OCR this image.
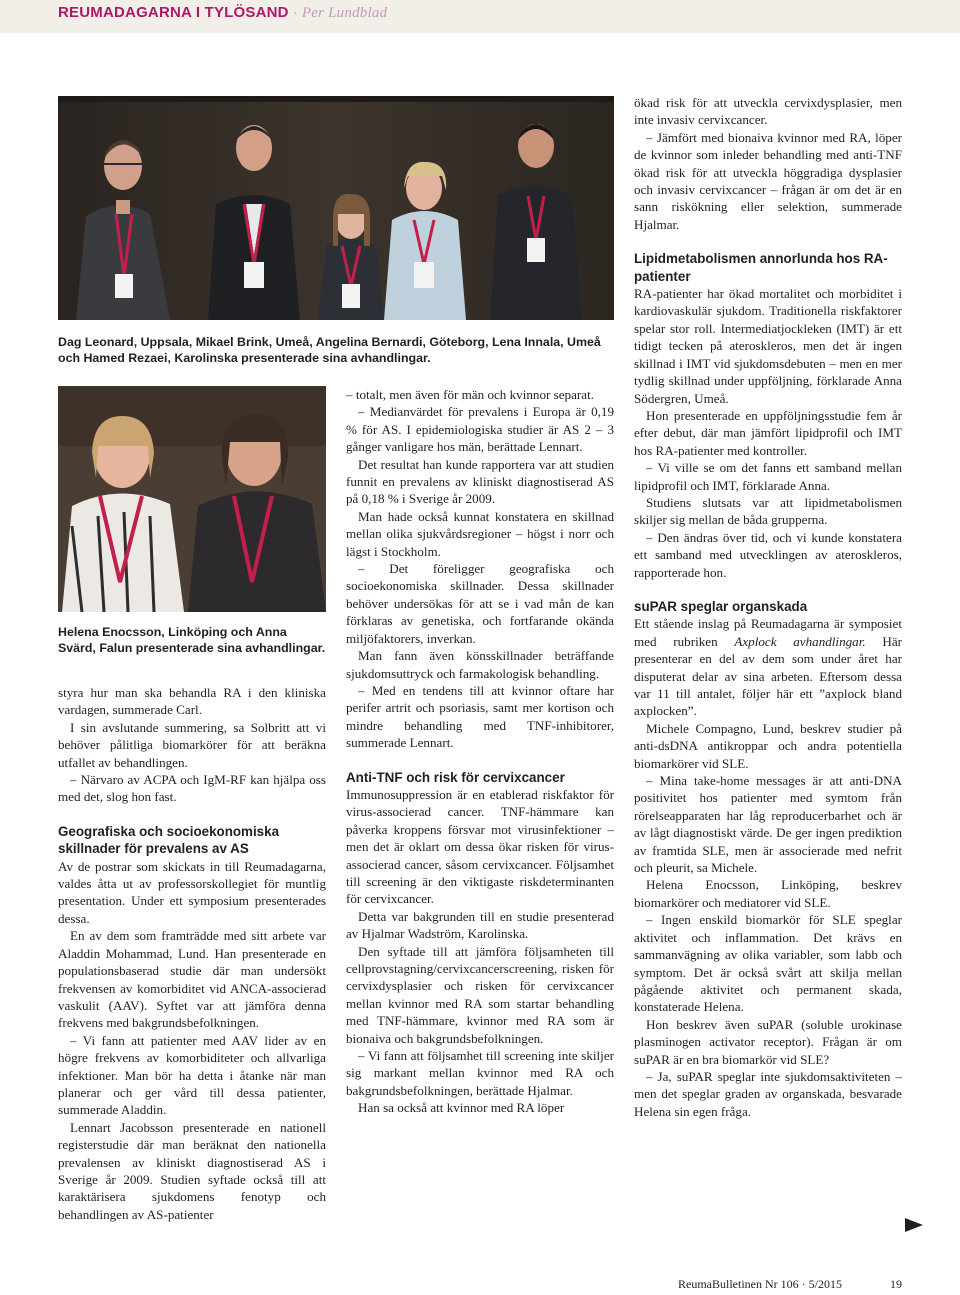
REUMADAGARNA I TYLÖSAND · Per Lundblad
Dag Leonard, Uppsala, Mikael Brink, Umeå, Angelina Bernardi, Göteborg, Lena Innala, Umeå och Hamed Rezaei, Karolinska presenterade sina avhandlingar.
Helena Enocsson, Linköping och Anna Svärd, Falun presenterade sina avhandlingar.

styra hur man ska behandla RA i den kliniska vardagen, summerade Carl.

I sin avslutande summering, sa Solbritt att vi behöver pålitliga biomarkörer för att beräkna utfallet av behandlingen.

– Närvaro av ACPA och IgM-RF kan hjälpa oss med det, slog hon fast.

Geografiska och socioekonomiska skillnader för prevalens av AS

Av de postrar som skickats in till Reumadagarna, valdes åtta ut av professorskollegiet för muntlig presentation. Under ett symposium presenterades dessa.

En av dem som framträdde med sitt arbete var Aladdin Mohammad, Lund. Han presenterade en populationsbaserad studie där man undersökt frekvensen av komorbiditet vid ANCA-associerad vaskulit (AAV). Syftet var att jämföra denna frekvens med bakgrundsbefolkningen.

– Vi fann att patienter med AAV lider av en högre frekvens av komorbiditeter och allvarliga infektioner. Man bör ha detta i åtanke när man planerar och ger vård till dessa patienter, summerade Aladdin.

Lennart Jacobsson presenterade en nationell registerstudie där man beräknat den nationella prevalensen av kliniskt diagnostiserad AS i Sverige år 2009. Studien syftade också till att karaktärisera sjukdomens fenotyp och behandlingen av AS-patienter

– totalt, men även för män och kvinnor separat.

– Medianvärdet för prevalens i Europa är 0,19 % för AS. I epidemiologiska studier är AS 2 – 3 gånger vanligare hos män, berättade Lennart.

Det resultat han kunde rapportera var att studien funnit en prevalens av kliniskt diagnostiserad AS på 0,18 % i Sverige år 2009.

Man hade också kunnat konstatera en skillnad mellan olika sjukvårdsregioner – högst i norr och lägst i Stockholm.

– Det föreligger geografiska och socioekonomiska skillnader. Dessa skillnader behöver undersökas för att se i vad mån de kan förklaras av genetiska, och fortfarande okända miljöfaktorers, inverkan.

Man fann även könsskillnader beträffande sjukdomsuttryck och farmakologisk behandling.

– Med en tendens till att kvinnor oftare har perifer artrit och psoriasis, samt mer kortison och mindre behandling med TNF-inhibitorer, summerade Lennart.

Anti-TNF och risk för cervixcancer

Immunosuppression är en etablerad riskfaktor för virus-associerad cancer. TNF-hämmare kan påverka kroppens försvar mot virusinfektioner – men det är oklart om dessa ökar risken för virus-associerad cancer, såsom cervixcancer. Följsamhet till screening är den viktigaste riskdeterminanten för cervixcancer.

Detta var bakgrunden till en studie presenterad av Hjalmar Wadström, Karolinska.

Den syftade till att jämföra följsamheten till cellprovstagning/cervixcancerscreening, risken för cervixdysplasier och risken för cervixcancer mellan kvinnor med RA som startar behandling med TNF-hämmare, kvinnor med RA som är bionaiva och bakgrundsbefolkningen.

– Vi fann att följsamhet till screening inte skiljer sig markant mellan kvinnor med RA och bakgrundsbefolkningen, berättade Hjalmar.

Han sa också att kvinnor med RA löper

ökad risk för att utveckla cervixdysplasier, men inte invasiv cervixcancer.

– Jämfört med bionaiva kvinnor med RA, löper de kvinnor som inleder behandling med anti-TNF ökad risk för att utveckla höggradiga dysplasier och invasiv cervixcancer – frågan är om det är en sann riskökning eller selektion, summerade Hjalmar.

Lipidmetabolismen annorlunda hos RA-patienter

RA-patienter har ökad mortalitet och morbiditet i kardiovaskulär sjukdom. Traditionella riskfaktorer spelar stor roll. Intermediatjockleken (IMT) är ett tidigt tecken på ateroskleros, men det är ingen skillnad i IMT vid sjukdomsdebuten – men en mer tydlig skillnad under uppföljning, förklarade Anna Södergren, Umeå.

Hon presenterade en uppföljningsstudie fem år efter debut, där man jämfört lipidprofil och IMT hos RA-patienter med kontroller.

– Vi ville se om det fanns ett samband mellan lipidprofil och IMT, förklarade Anna.

Studiens slutsats var att lipidmetabolismen skiljer sig mellan de båda grupperna.

– Den ändras över tid, och vi kunde konstatera ett samband med utvecklingen av ateroskleros, rapporterade hon.

suPAR speglar organskada

Ett stående inslag på Reumadagarna är symposiet med rubriken Axplock avhandlingar. Här presenterar en del av dem som under året har disputerat delar av sina arbeten. Eftersom dessa var 11 till antalet, följer här ett ”axplock bland axplocken”.

Michele Compagno, Lund, beskrev studier på anti-dsDNA antikroppar och andra potentiella biomarkörer vid SLE.

– Mina take-home messages är att anti-DNA positivitet hos patienter med symtom från rörelseapparaten har låg reproducerbarhet och är av lågt diagnostiskt värde. De ger ingen prediktion av framtida SLE, men är associerade med nefrit och pleurit, sa Michele.

Helena Enocsson, Linköping, beskrev biomarkörer och mediatorer vid SLE.

– Ingen enskild biomarkör för SLE speglar aktivitet och inflammation. Det krävs en sammanvägning av olika variabler, som labb och symptom. Det är också svårt att skilja mellan pågående aktivitet och permanent skada, konstaterade Helena.

Hon beskrev även suPAR (soluble urokinase plasminogen activator receptor). Frågan är om suPAR är en bra biomarkör vid SLE?

– Ja, suPAR speglar inte sjukdomsaktiviteten – men det speglar graden av organskada, besvarade Helena sin egen fråga.

ReumaBulletinen Nr 106 · 5/2015	19
